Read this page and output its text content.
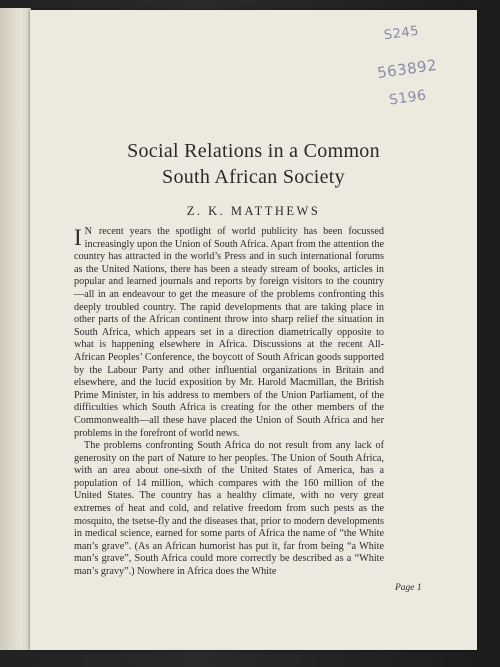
S245
563892
S196
Social Relations in a Common
South African Society
Z. K. MATTHEWS
Page 1

I N recent years the spotlight of world publicity has been focussed increasingly upon the Union of South Africa. Apart from the attention the country has attracted in the world’s Press and in such international forums as the United Nations, there has been a steady stream of books, articles in popular and learned journals and reports by foreign visitors to the country—all in an endeavour to get the measure of the problems confronting this deeply troubled country. The rapid developments that are taking place in other parts of the African continent throw into sharp relief the situation in South Africa, which appears set in a direction diametrically opposite to what is happening elsewhere in Africa. Discussions at the recent All-African Peoples’ Conference, the boycott of South African goods supported by the Labour Party and other influential organizations in Britain and elsewhere, and the lucid exposition by Mr. Harold Macmillan, the British Prime Minister, in his address to members of the Union Parliament, of the difficulties which South Africa is creating for the other members of the Commonwealth—all these have placed the Union of South Africa and her problems in the forefront of world news.

The problems confronting South Africa do not result from any lack of generosity on the part of Nature to her peoples. The Union of South Africa, with an area about one-sixth of the United States of America, has a population of 14 million, which compares with the 160 million of the United States. The country has a healthy climate, with no very great extremes of heat and cold, and relative freedom from such pests as the mosquito, the tsetse-fly and the diseases that, prior to modern developments in medical science, earned for some parts of Africa the name of “the White man’s grave”. (As an African humorist has put it, far from being “a White man’s grave”, South Africa could more correctly be described as a “White man’s gravy”.) Nowhere in Africa does the White
